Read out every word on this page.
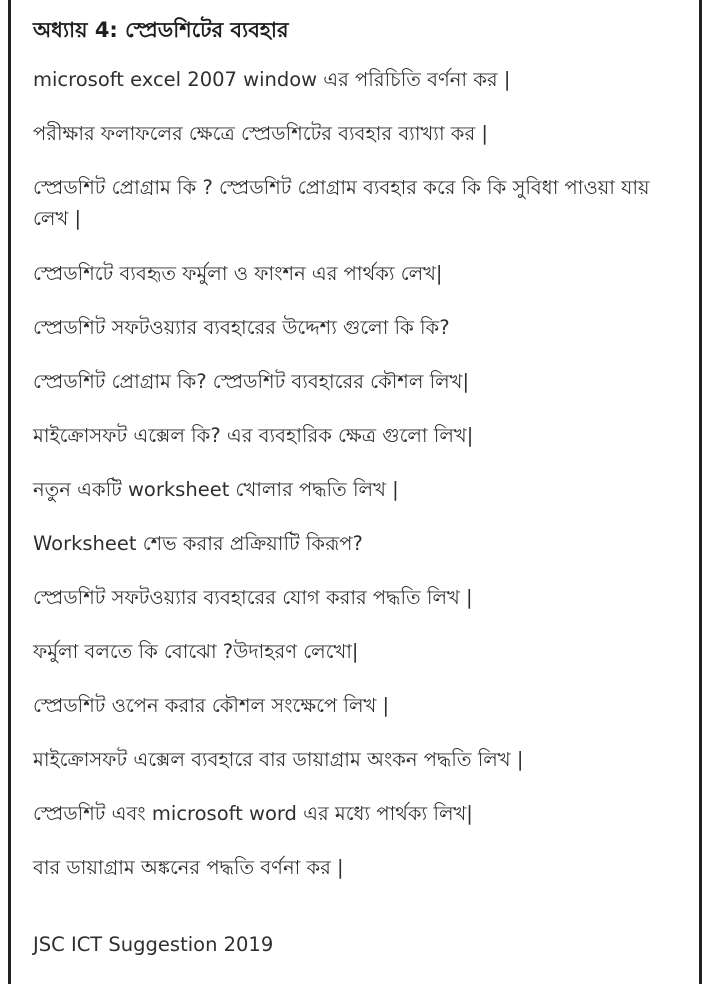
অধ্যায় 4: স্প্রেডশিটের ব্যবহার
microsoft excel 2007 window এর পরিচিতি বর্ণনা কর |
পরীক্ষার ফলাফলের ক্ষেত্রে স্প্রেডশিটের ব্যবহার ব্যাখ্যা কর |
স্প্রেডশিট প্রোগ্রাম কি ? স্প্রেডশিট প্রোগ্রাম ব্যবহার করে কি কি সুবিধা পাওয়া যায় লেখ |
স্প্রেডশিটে ব্যবহৃত ফর্মুলা ও ফাংশন এর পার্থক্য লেখ|
স্প্রেডশিট সফটওয়্যার ব্যবহারের উদ্দেশ্য গুলো কি কি?
স্প্রেডশিট প্রোগ্রাম কি? স্প্রেডশিট ব্যবহারের কৌশল লিখ|
মাইক্রোসফট এক্সেল কি? এর ব্যবহারিক ক্ষেত্র গুলো লিখ|
নতুন একটি worksheet খোলার পদ্ধতি লিখ |
Worksheet শেভ করার প্রক্রিয়াটি কিরূপ?
স্প্রেডশিট সফটওয়্যার ব্যবহারের যোগ করার পদ্ধতি লিখ |
ফর্মুলা বলতে কি বোঝো ?উদাহরণ লেখো|
স্প্রেডশিট ওপেন করার কৌশল সংক্ষেপে লিখ |
মাইক্রোসফট এক্সেল ব্যবহারে বার ডায়াগ্রাম অংকন পদ্ধতি লিখ |
স্প্রেডশিট এবং microsoft word এর মধ্যে পার্থক্য লিখ|
বার ডায়াগ্রাম অঙ্কনের পদ্ধতি বর্ণনা কর |
JSC ICT Suggestion 2019
